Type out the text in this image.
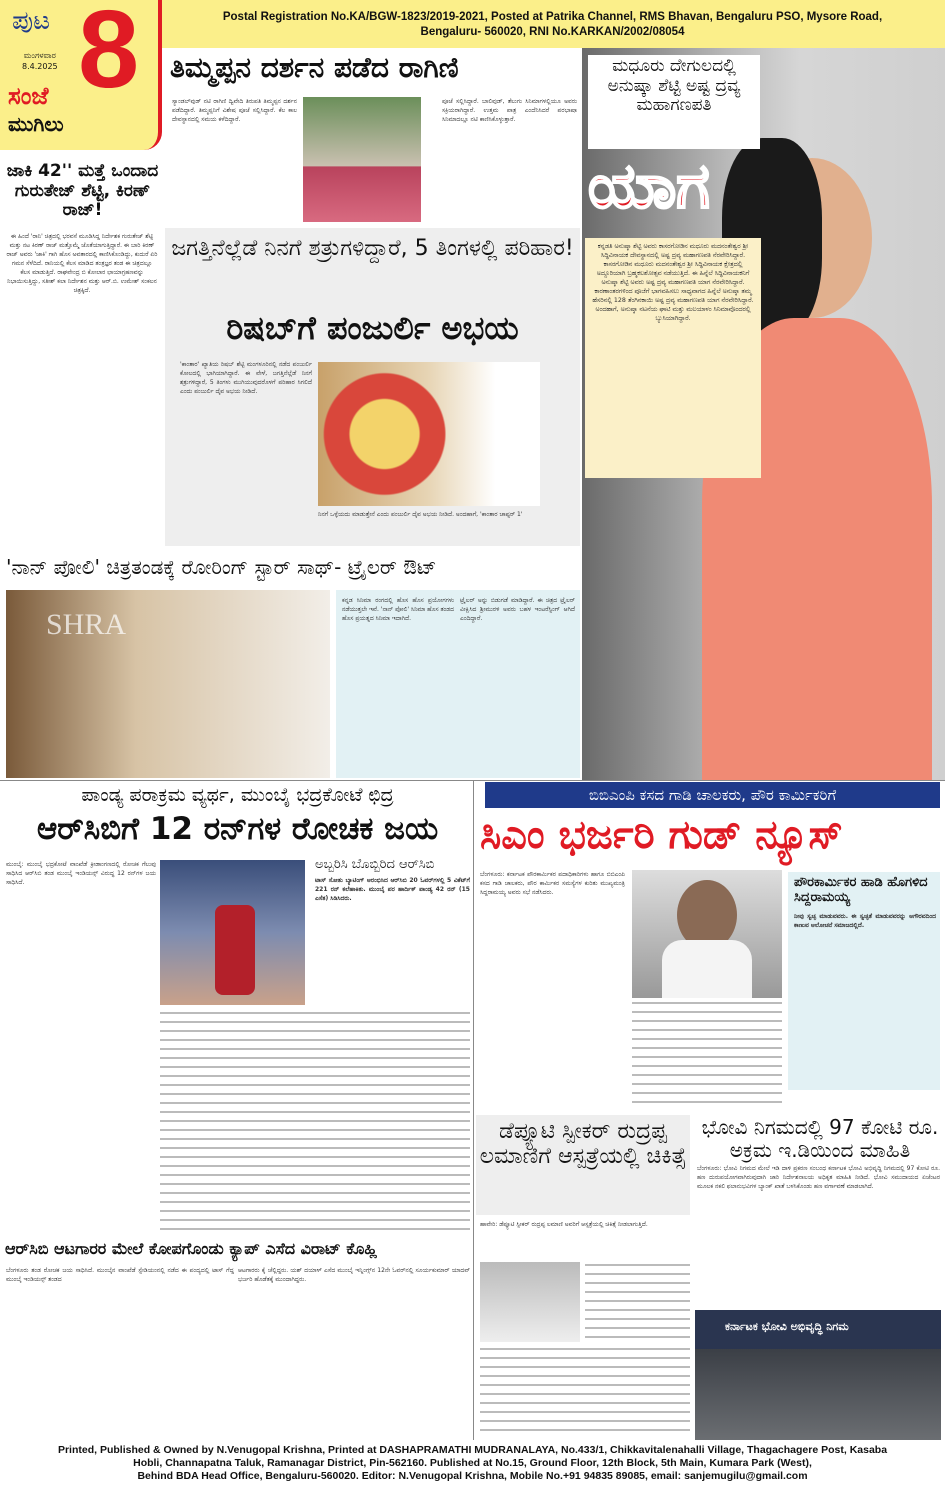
Postal Registration No.KA/BGW-1823/2019-2021, Posted at Patrika Channel, RMS Bhavan, Bengaluru PSO, Mysore Road,
Bengaluru- 560020, RNI No.KARKAN/2002/08054
ಪುಟ 8
ಮಂಗಳವಾರ
8.4.2025
ಸಂಜೆ
ಮುಗಿಲು
ತಿಮ್ಮಪ್ಪನ ದರ್ಶನ ಪಡೆದ ರಾಗಿಣಿ
ಸ್ಯಾಂಡಲ್‌ವುಡ್ ನಟಿ ರಾಗಿಣಿ ದ್ವಿವೇದಿ ತಿರುಪತಿ ತಿಮ್ಮಪ್ಪನ ದರ್ಶನ ಪಡೆದಿದ್ದಾರೆ. ತಿಮ್ಮಪ್ಪನಿಗೆ ವಿಶೇಷ ಪೂಜೆ ಸಲ್ಲಿಸಿದ್ದಾರೆ. ಕೆಲ ಕಾಲ ದೇವಸ್ಥಾನದಲ್ಲಿ ಸಮಯ ಕಳೆದಿದ್ದಾರೆ.
ಪೂಜೆ ಸಲ್ಲಿಸಿದ್ದಾರೆ. ಬಾಲಿವುಡ್, ತೆಲುಗು ಸಿನಿಮಾಗಳಲ್ಲಿಯೂ ಅವರು ಸಕ್ರಿಯರಾಗಿದ್ದಾರೆ. ಉತ್ತಮ ಪಾತ್ರ ಎಂದೆನಿಸಿದರೆ ಪರಭಾಷಾ ಸಿನಿಮಾದಲ್ಲೂ ನಟಿ ಕಾಣಿಸಿಕೊಳ್ಳುತ್ತಾರೆ.
ಜಾಕಿ 42'' ಮತ್ತೆ ಒಂದಾದ ಗುರುತೇಜ್ ಶೆಟ್ಟಿ, ಕಿರಣ್ ರಾಜ್!
ಈ ಹಿಂದೆ 'ರಾನಿ' ಚಿತ್ರದಲ್ಲಿ ಭರವಸೆ ಮೂಡಿಸಿದ್ದ ನಿರ್ದೇಶಕ ಗುರುತೇಜ್ ಶೆಟ್ಟಿ ಮತ್ತು ನಟ ಕಿರಣ್ ರಾಜ್ ಮತ್ತೊಮ್ಮೆ ಜೊತೆಯಾಗುತ್ತಿದ್ದಾರೆ. ಈ ಬಾರಿ ಕಿರಣ್ ರಾಜ್ ಅವರು 'ಜಾಕಿ' ಗಾಗಿ ಹೊಸ ಅವತಾರದಲ್ಲಿ ಕಾಣಿಸಿಕೊಂಡಿದ್ದು, ಕುದುರೆ ಏರಿ ಗಮನ ಸೆಳೆದಿದೆ. ರಾನಿಯಲ್ಲಿ ಕೆಲಸ ಮಾಡಿದ ತಂತ್ರಜ್ಞರ ತಂಡ ಈ ಚಿತ್ರದಲ್ಲೂ ಕೆಲಸ ಮಾಡುತ್ತಿದೆ. ರಾಘವೇಂದ್ರ ಬಿ ಕೋಲಾರ ಛಾಯಾಗ್ರಹಣವನ್ನು ನಿಭಾಯಿಸುತ್ತಿದ್ದು, ಸತೀಶ್ ಕಲಾ ನಿರ್ದೇಶನ ಮತ್ತು ಆರ್.ಬಿ. ಉಮೇಶ್ ಸಂಕಲನ ಚಿತ್ರಕ್ಕಿದೆ.
ಜಗತ್ತಿನೆಲ್ಲೆಡೆ ನಿನಗೆ ಶತ್ರುಗಳಿದ್ದಾರೆ, 5 ತಿಂಗಳಲ್ಲಿ ಪರಿಹಾರ!
ರಿಷಬ್‌ಗೆ ಪಂಜುರ್ಲಿ ಅಭಯ
'ಕಾಂತಾರ' ಖ್ಯಾತಿಯ ರಿಷಬ್ ಶೆಟ್ಟಿ ಮಂಗಳೂರಿನಲ್ಲಿ ನಡೆದ ಪಂಜುರ್ಲಿ ಕೋಲದಲ್ಲಿ ಭಾಗಿಯಾಗಿದ್ದಾರೆ. ಈ ವೇಳೆ, ಜಗತ್ತಿನೆಲ್ಲೆಡೆ ನಿನಗೆ ಶತ್ರುಗಳಿದ್ದಾರೆ, 5 ತಿಂಗಳು ಮುಗಿಯುವುದರೊಳಗೆ ಪರಿಹಾರ ಸಿಗಲಿದೆ ಎಂದು ಪಂಜುರ್ಲಿ ದೈವ ಅಭಯ ನೀಡಿದೆ.
ನಿನಗೆ ಒಳ್ಳೆಯದು ಮಾಡುತ್ತೇನೆ ಎಂದು ಪಂಜುರ್ಲಿ ದೈವ ಅಭಯ ನೀಡಿದೆ. ಅಂದಹಾಗೆ, 'ಕಾಂತಾರ ಚಾಪ್ಟರ್ 1'
ಮಧೂರು ದೇಗುಲದಲ್ಲಿ ಅನುಷ್ಕಾ ಶೆಟ್ಟಿ ಅಷ್ಟ ದ್ರವ್ಯ ಮಹಾಗಣಪತಿ
ಯಾಗ
ಕನ್ನಡತಿ ಅನುಷ್ಕಾ ಶೆಟ್ಟಿ ಅವರು ಕಾಸರಗೋಡಿನ ಮಧೂರು ಮದನಂತೇಶ್ವರ ಶ್ರೀ ಸಿದ್ಧಿವಿನಾಯಕ ದೇವಸ್ಥಾನದಲ್ಲಿ ಅಷ್ಟ ದ್ರವ್ಯ ಮಹಾಗಣಪತಿ ನೆರವೇರಿಸಿದ್ದಾರೆ. ಕಾಸರಗೋಡಿನ ಮಧೂರು ಮದನಂತೇಶ್ವರ ಶ್ರೀ ಸಿದ್ಧಿವಿನಾಯಕ ಕ್ಷೇತ್ರದಲ್ಲಿ ಅದ್ದೂರಿಯಾಗಿ ಬ್ರಹ್ಮಕಲಶೋತ್ಸವ ನಡೆಯುತ್ತಿದೆ. ಈ ಹಿನ್ನೆಲೆ ಸಿದ್ಧಿವಿನಾಯಕನಿಗೆ ಅನುಷ್ಕಾ ಶೆಟ್ಟಿ ಅವರು ಅಷ್ಟ ದ್ರವ್ಯ ಮಹಾಗಣಪತಿ ಯಾಗ ನೆರವೇರಿಸಿದ್ದಾರೆ. ಕಾರಣಾಂತರಗಳಿಂದ ಪೂಜೆಗೆ ಭಾಗವಹಿಸಲು ಸಾಧ್ಯವಾಗದ ಹಿನ್ನೆಲೆ ಅನುಷ್ಕಾ ತಮ್ಮ ಹೆಸರಿನಲ್ಲಿ 128 ತೆಂಗಿನಕಾಯಿ ಅಷ್ಟ ದ್ರವ್ಯ ಮಹಾಗಣಪತಿ ಯಾಗ ನೆರವೇರಿಸಿದ್ದಾರೆ. ಅಂದಹಾಗೆ, ಅನುಷ್ಕಾ ನಟನೆಯ ಘಾಟಿ ಮತ್ತು ಮಲಯಾಳಂ ಸಿನಿಮಾವೊಂದರಲ್ಲಿ ಬ್ಯುಸಿಯಾಗಿದ್ದಾರೆ.
'ನಾನ್ ಪೋಲಿ' ಚಿತ್ರತಂಡಕ್ಕೆ ರೋರಿಂಗ್ ಸ್ಟಾರ್ ಸಾಥ್- ಟ್ರೈಲರ್ ಔಟ್
SHRA
ಕನ್ನಡ ಸಿನಿಮಾ ರಂಗದಲ್ಲಿ ಹೊಸ ಹೊಸ ಪ್ರಯೋಗಗಳು ನಡೆಯುತ್ತಲೇ ಇವೆ. 'ನಾನ್ ಪೋಲಿ' ಸಿನಿಮಾ ಹೊಸ ತಂಡದ ಹೊಸ ಪ್ರಯತ್ನದ ಸಿನಿಮಾ ಇದಾಗಿದೆ.
ಟ್ರೈಲರ್ ಅನ್ನು ಬಿಡುಗಡೆ ಮಾಡಿದ್ದಾರೆ. ಈ ಚಿತ್ರದ ಟ್ರೈಲರ್ ವೀಕ್ಷಿಸಿದ ಶ್ರೀಮುರಳಿ ಅವರು ಬಹಳ ಇಂಟರೆಸ್ಟಿಂಗ್ ಆಗಿದೆ ಎಂದಿದ್ದಾರೆ.
ಪಾಂಡ್ಯ ಪರಾಕ್ರಮ ವ್ಯರ್ಥ, ಮುಂಬೈ ಭದ್ರಕೋಟೆ ಛಿದ್ರ
ಆರ್‌ಸಿಬಿಗೆ 12 ರನ್‌ಗಳ ರೋಚಕ ಜಯ
ಮುಂಬೈ: ಮುಂಬೈ ಭದ್ರಕೋಟೆ ವಾಂಖೆಡೆ ಕ್ರೀಡಾಂಗಣದಲ್ಲಿ ರೋಚಕ ಗೆಲುವು ಸಾಧಿಸಿದ ಆರ್‌ಸಿಬಿ ತಂಡ ಮುಂಬೈ ಇಂಡಿಯನ್ಸ್ ವಿರುದ್ಧ 12 ರನ್‌ಗಳ ಜಯ ಸಾಧಿಸಿದೆ.
ಅಬ್ಬರಿಸಿ ಬೊಬ್ಬಿರಿದ ಆರ್‌ಸಿಬಿ
ಟಾಸ್ ಸೋತು ಬ್ಯಾಟಿಂಗ್ ಆರಂಭಿಸಿದ ಆರ್‌ಸಿಬಿ 20 ಓವರ್‌ಗಳಲ್ಲಿ 5 ವಿಕೆಟ್‌ಗೆ 221 ರನ್ ಕಲೆಹಾಕಿತು. ಮುಂಬೈ ಪರ ಹಾರ್ದಿಕ್ ಪಾಂಡ್ಯ 42 ರನ್ (15 ಎಸೆತ) ಸಿಡಿಸಿದರು.
ಆರ್‌ಸಿಬಿ ಆಟಗಾರರ ಮೇಲೆ ಕೋಪಗೊಂಡು ಕ್ಯಾಪ್ ಎಸೆದ ವಿರಾಟ್ ಕೊಹ್ಲಿ
ಬೆಂಗಳೂರು ತಂಡ ರೋಚಕ ಜಯ ಸಾಧಿಸಿದೆ. ಮುಂಬೈನ ವಾಂಖೆಡೆ ಸ್ಟೇಡಿಯಂನಲ್ಲಿ ನಡೆದ ಈ ಪಂದ್ಯದಲ್ಲಿ ಟಾಸ್ ಗೆದ್ದ ಮುಂಬೈ ಇಂಡಿಯನ್ಸ್ ತಂಡದ
ಆಟಗಾರರು ಕೈ ಚೆಲ್ಲಿದ್ದರು. ಯಶ್ ದಯಾಳ್ ಎಸೆದ ಮುಂಬೈ ಇನ್ನಿಂಗ್ಸ್‌ನ 12ನೇ ಓವರ್‌ನಲ್ಲಿ ಸೂರ್ಯಕುಮಾರ್ ಯಾದವ್ ಭರ್ಜರಿ ಹೊಡೆತಕ್ಕೆ ಮುಂದಾಗಿದ್ದರು.
ಬಿಬಿಎಂಪಿ ಕಸದ ಗಾಡಿ ಚಾಲಕರು, ಪೌರ ಕಾರ್ಮಿಕರಿಗೆ
ಸಿಎಂ ಭರ್ಜರಿ ಗುಡ್ ನ್ಯೂಸ್
ಬೆಂಗಳೂರು: ಕರ್ನಾಟಕ ಪೌರಕಾರ್ಮಿಕರ ಪದಾಧಿಕಾರಿಗಳು ಹಾಗೂ ಬಿಬಿಎಂಪಿ ಕಸದ ಗಾಡಿ ಚಾಲಕರು, ಪೌರ ಕಾರ್ಮಿಕರ ಸಮಸ್ಯೆಗಳ ಕುರಿತು ಮುಖ್ಯಮಂತ್ರಿ ಸಿದ್ದರಾಮಯ್ಯ ಅವರು ಸಭೆ ನಡೆಸಿದರು.
ಪೌರಕಾರ್ಮಿಕರ ಹಾಡಿ ಹೊಗಳಿದ ಸಿದ್ದರಾಮಯ್ಯ
ನೀವು ಸ್ವಚ್ಛ ಮಾಡುವವರು. ಈ ಸ್ವಚ್ಛತೆ ಮಾಡುವವರನ್ನು ಅಗೌರವದಿಂದ ಕಾಣುವ ಆಲೋಚನೆ ಸಮಾಜದಲ್ಲಿದೆ.
ಡೆಪ್ಯೂಟಿ ಸ್ಪೀಕರ್ ರುದ್ರಪ್ಪ ಲಮಾಣಿಗೆ ಆಸ್ಪತ್ರೆಯಲ್ಲಿ ಚಿಕಿತ್ಸೆ
ಹಾವೇರಿ: ಡೆಪ್ಯೂಟಿ ಸ್ಪೀಕರ್ ರುದ್ರಪ್ಪ ಲಮಾಣಿ ಅವರಿಗೆ ಆಸ್ಪತ್ರೆಯಲ್ಲಿ ಚಿಕಿತ್ಸೆ ನೀಡಲಾಗುತ್ತಿದೆ.
ಭೋವಿ ನಿಗಮದಲ್ಲಿ 97 ಕೋಟಿ ರೂ. ಅಕ್ರಮ ಇ.ಡಿಯಿಂದ ಮಾಹಿತಿ
ಬೆಂಗಳೂರು: ಭೋವಿ ನಿಗಮದ ಮೇಲೆ ಇಡಿ ದಾಳಿ ಪ್ರಕರಣ ಸಂಬಂಧ ಕರ್ನಾಟಕ ಭೋವಿ ಅಭಿವೃದ್ಧಿ ನಿಗಮದಲ್ಲಿ 97 ಕೋಟಿ ರೂ. ಹಣ ದುರುಪಯೋಗವಾಗಿರುವುದಾಗಿ ಜಾರಿ ನಿರ್ದೇಶನಾಲಯ ಅಧಿಕೃತ ಮಾಹಿತಿ ನೀಡಿದೆ. ಭೋವಿ ಸಮುದಾಯದ ಏಜೆಂಟರ ಮೂಲಕ ನಕಲಿ ಫಲಾನುಭವಿಗಳ ಬ್ಯಾಂಕ್ ಖಾತೆ ಬಳಸಿಕೊಂಡು ಹಣ ವರ್ಗಾವಣೆ ಮಾಡಲಾಗಿದೆ.
ಕರ್ನಾಟಕ ಭೋವಿ ಅಭಿವೃದ್ಧಿ ನಿಗಮ
Printed, Published & Owned by N.Venugopal Krishna, Printed at DASHAPRAMATHI MUDRANALAYA, No.433/1, Chikkavitalenahalli Village, Thagachagere Post, Kasaba
Hobli, Channapatna Taluk, Ramanagar District, Pin-562160. Published at No.15, Ground Floor, 12th Block, 5th Main, Kumara Park (West),
Behind BDA Head Office, Bengaluru-560020. Editor: N.Venugopal Krishna, Mobile No.+91 94835 89085, email: sanjemugilu@gmail.com
